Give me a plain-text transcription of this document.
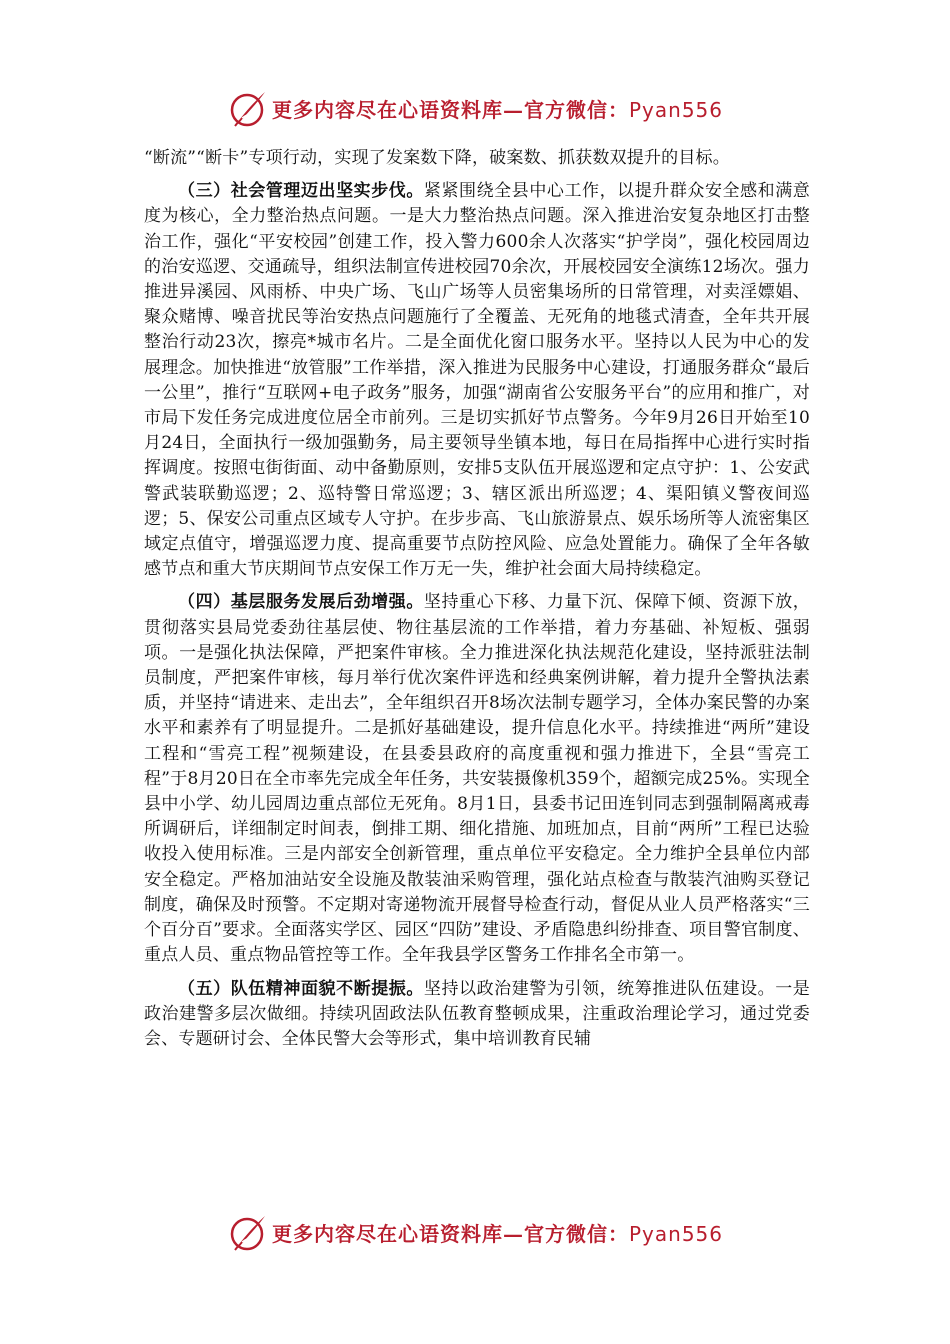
更多内容尽在心语资料库—官方微信：Pyan556

“断流”“断卡”专项行动，实现了发案数下降，破案数、抓获数双提升的目标。

（三）社会管理迈出坚实步伐。紧紧围绕全县中心工作，以提升群众安全感和满意度为核心，全力整治热点问题。一是大力整治热点问题。深入推进治安复杂地区打击整治工作，强化“平安校园”创建工作，投入警力600余人次落实“护学岗”，强化校园周边的治安巡逻、交通疏导，组织法制宣传进校园70余次，开展校园安全演练12场次。强力推进异溪园、风雨桥、中央广场、飞山广场等人员密集场所的日常管理，对卖淫嫖娼、聚众赌博、噪音扰民等治安热点问题施行了全覆盖、无死角的地毯式清查，全年共开展整治行动23次，擦亮*城市名片。二是全面优化窗口服务水平。坚持以人民为中心的发展理念。加快推进“放管服”工作举措，深入推进为民服务中心建设，打通服务群众“最后一公里”，推行“互联网+电子政务”服务，加强“湖南省公安服务平台”的应用和推广，对市局下发任务完成进度位居全市前列。三是切实抓好节点警务。今年9月26日开始至10月24日，全面执行一级加强勤务，局主要领导坐镇本地，每日在局指挥中心进行实时指挥调度。按照屯街街面、动中备勤原则，安排5支队伍开展巡逻和定点守护：1、公安武警武装联勤巡逻；2、巡特警日常巡逻；3、辖区派出所巡逻；4、渠阳镇义警夜间巡逻；5、保安公司重点区域专人守护。在步步高、飞山旅游景点、娱乐场所等人流密集区域定点值守，增强巡逻力度、提高重要节点防控风险、应急处置能力。确保了全年各敏感节点和重大节庆期间节点安保工作万无一失，维护社会面大局持续稳定。

（四）基层服务发展后劲增强。坚持重心下移、力量下沉、保障下倾、资源下放，贯彻落实县局党委劲往基层使、物往基层流的工作举措，着力夯基础、补短板、强弱项。一是强化执法保障，严把案件审核。全力推进深化执法规范化建设，坚持派驻法制员制度，严把案件审核，每月举行优次案件评选和经典案例讲解，着力提升全警执法素质，并坚持“请进来、走出去”，全年组织召开8场次法制专题学习，全体办案民警的办案水平和素养有了明显提升。二是抓好基础建设，提升信息化水平。持续推进“两所”建设工程和“雪亮工程”视频建设，在县委县政府的高度重视和强力推进下，全县“雪亮工程”于8月20日在全市率先完成全年任务，共安装摄像机359个，超额完成25%。实现全县中小学、幼儿园周边重点部位无死角。8月1日，县委书记田连钊同志到强制隔离戒毒所调研后，详细制定时间表，倒排工期、细化措施、加班加点，目前“两所”工程已达验收投入使用标准。三是内部安全创新管理，重点单位平安稳定。全力维护全县单位内部安全稳定。严格加油站安全设施及散装油采购管理，强化站点检查与散装汽油购买登记制度，确保及时预警。不定期对寄递物流开展督导检查行动，督促从业人员严格落实“三个百分百”要求。全面落实学区、园区“四防”建设、矛盾隐患纠纷排查、项目警官制度、重点人员、重点物品管控等工作。全年我县学区警务工作排名全市第一。

（五）队伍精神面貌不断提振。坚持以政治建警为引领，统筹推进队伍建设。一是政治建警多层次做细。持续巩固政法队伍教育整顿成果，注重政治理论学习，通过党委会、专题研讨会、全体民警大会等形式，集中培训教育民辅

更多内容尽在心语资料库—官方微信：Pyan556
